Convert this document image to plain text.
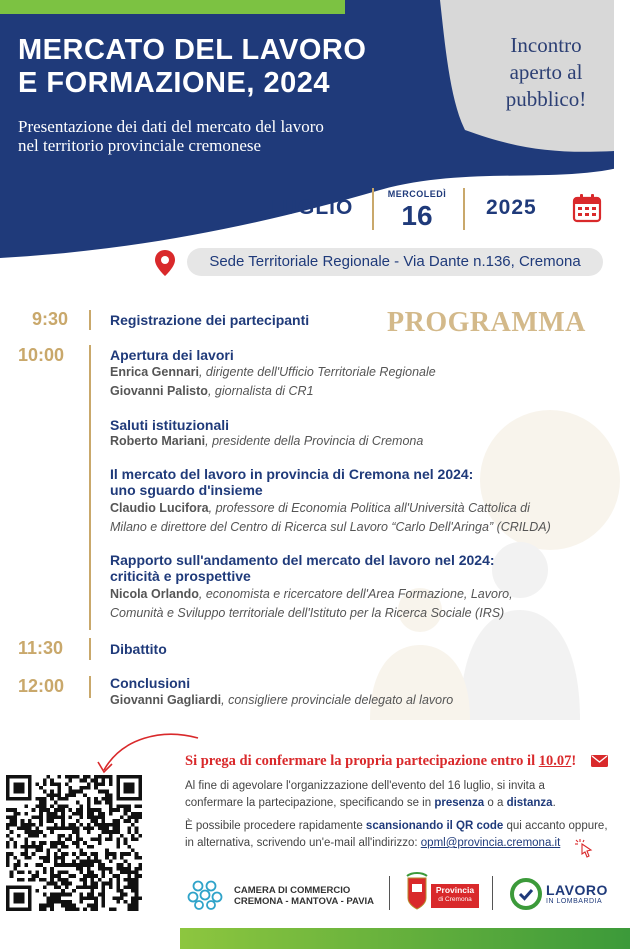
MERCATO DEL LAVORO
E FORMAZIONE, 2024
Presentazione dei dati del mercato del lavoro
nel territorio provinciale cremonese
Incontro
aperto al
pubblico!
LUGLIO
MERCOLEDÌ
16	2025
Sede Territoriale Regionale - Via Dante n.136, Cremona
PROGRAMMA
9:30	Registrazione dei partecipanti
10:00	Apertura dei lavori
Enrica Gennari, dirigente dell'Ufficio Territoriale Regionale
Giovanni Palisto, giornalista di CR1
Saluti istituzionali
Roberto Mariani, presidente della Provincia di Cremona
Il mercato del lavoro in provincia di Cremona nel 2024:
uno sguardo d'insieme
Claudio Lucifora, professore di Economia Politica all'Università Cattolica di
Milano e direttore del Centro di Ricerca sul Lavoro “Carlo Dell'Aringa” (CRILDA)
Rapporto sull'andamento del mercato del lavoro nel 2024:
criticità e prospettive
Nicola Orlando, economista e ricercatore dell'Area Formazione, Lavoro,
Comunità e Sviluppo territoriale dell'Istituto per la Ricerca Sociale (IRS)
11:30	Dibattito
12:00	Conclusioni
Giovanni Gagliardi, consigliere provinciale delegato al lavoro
Si prega di confermare la propria partecipazione entro il 10.07!
Al fine di agevolare l'organizzazione dell'evento del 16 luglio, si invita a
confermare la partecipazione, specificando se in presenza o a distanza.
È possibile procedere rapidamente scansionando il QR code qui accanto oppure,
in alternativa, scrivendo un'e-mail all'indirizzo: opml@provincia.cremona.it
CAMERA DI COMMERCIO
CREMONA - MANTOVA - PAVIA
Provincia
di Cremona
LAVORO
IN LOMBARDIA
